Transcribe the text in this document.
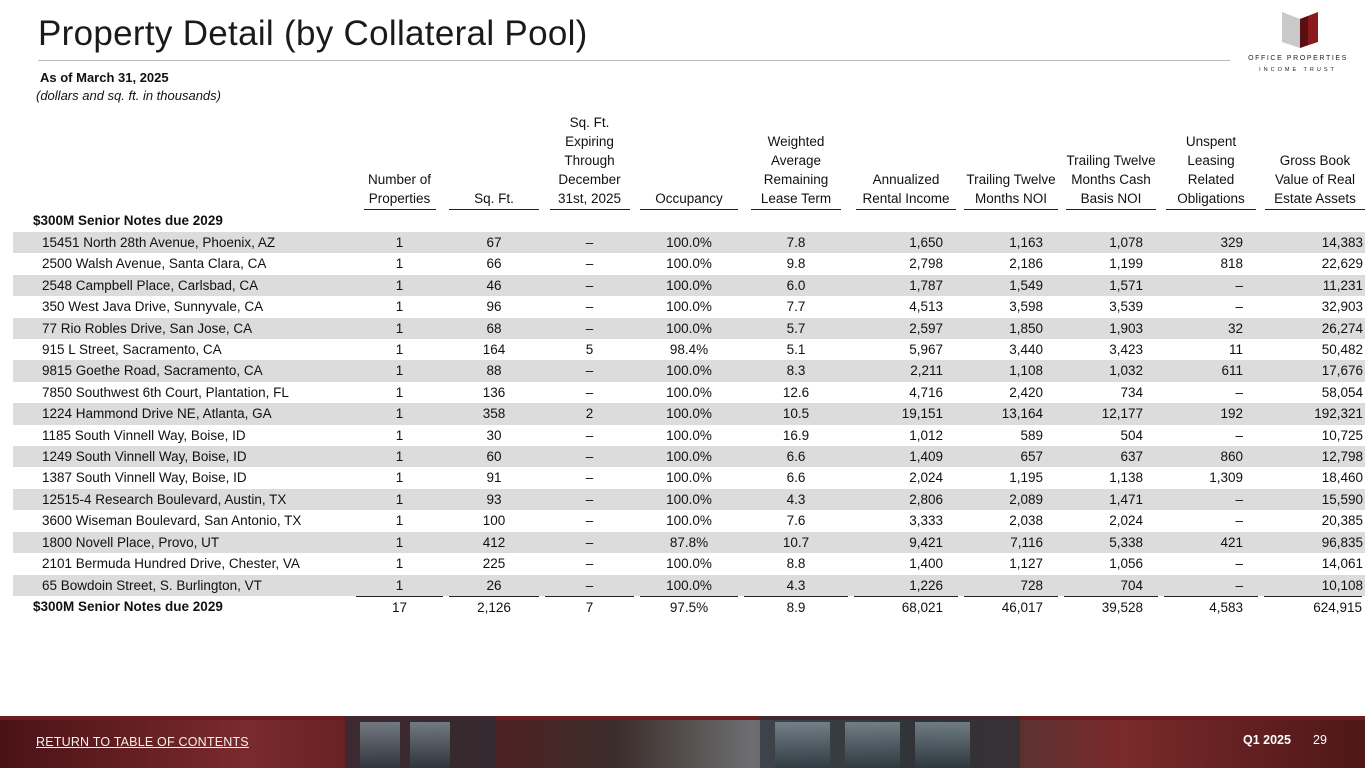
Property Detail (by Collateral Pool)
OFFICE PROPERTIES
INCOME TRUST
As of March 31, 2025
(dollars and sq. ft. in thousands)

	Number of Properties	Sq. Ft.	Sq. Ft. Expiring Through December 31st, 2025	Occupancy	Weighted Average Remaining Lease Term	Annualized Rental Income	Trailing Twelve Months NOI	Trailing Twelve Months Cash Basis NOI	Unspent Leasing Related Obligations	Gross Book Value of Real Estate Assets

$300M Senior Notes due 2029										
15451 North 28th Avenue, Phoenix, AZ	1	67	–	100.0%	7.8	1,650	1,163	1,078	329	14,383
2500 Walsh Avenue, Santa Clara, CA	1	66	–	100.0%	9.8	2,798	2,186	1,199	818	22,629
2548 Campbell Place, Carlsbad, CA	1	46	–	100.0%	6.0	1,787	1,549	1,571	–	11,231
350 West Java Drive, Sunnyvale, CA	1	96	–	100.0%	7.7	4,513	3,598	3,539	–	32,903
77 Rio Robles Drive, San Jose, CA	1	68	–	100.0%	5.7	2,597	1,850	1,903	32	26,274
915 L Street, Sacramento, CA	1	164	5	98.4%	5.1	5,967	3,440	3,423	11	50,482
9815 Goethe Road, Sacramento, CA	1	88	–	100.0%	8.3	2,211	1,108	1,032	611	17,676
7850 Southwest 6th Court, Plantation, FL	1	136	–	100.0%	12.6	4,716	2,420	734	–	58,054
1224 Hammond Drive NE, Atlanta, GA	1	358	2	100.0%	10.5	19,151	13,164	12,177	192	192,321
1185 South Vinnell Way, Boise, ID	1	30	–	100.0%	16.9	1,012	589	504	–	10,725
1249 South Vinnell Way, Boise, ID	1	60	–	100.0%	6.6	1,409	657	637	860	12,798
1387 South Vinnell Way, Boise, ID	1	91	–	100.0%	6.6	2,024	1,195	1,138	1,309	18,460
12515-4 Research Boulevard, Austin, TX	1	93	–	100.0%	4.3	2,806	2,089	1,471	–	15,590
3600 Wiseman Boulevard, San Antonio, TX	1	100	–	100.0%	7.6	3,333	2,038	2,024	–	20,385
1800 Novell Place, Provo, UT	1	412	–	87.8%	10.7	9,421	7,116	5,338	421	96,835
2101 Bermuda Hundred Drive, Chester, VA	1	225	–	100.0%	8.8	1,400	1,127	1,056	–	14,061
65 Bowdoin Street, S. Burlington, VT	1	26	–	100.0%	4.3	1,226	728	704	–	10,108
$300M Senior Notes due 2029	17	2,126	7	97.5%	8.9	68,021	46,017	39,528	4,583	624,915
RETURN TO TABLE OF CONTENTS	Q1 2025 29
